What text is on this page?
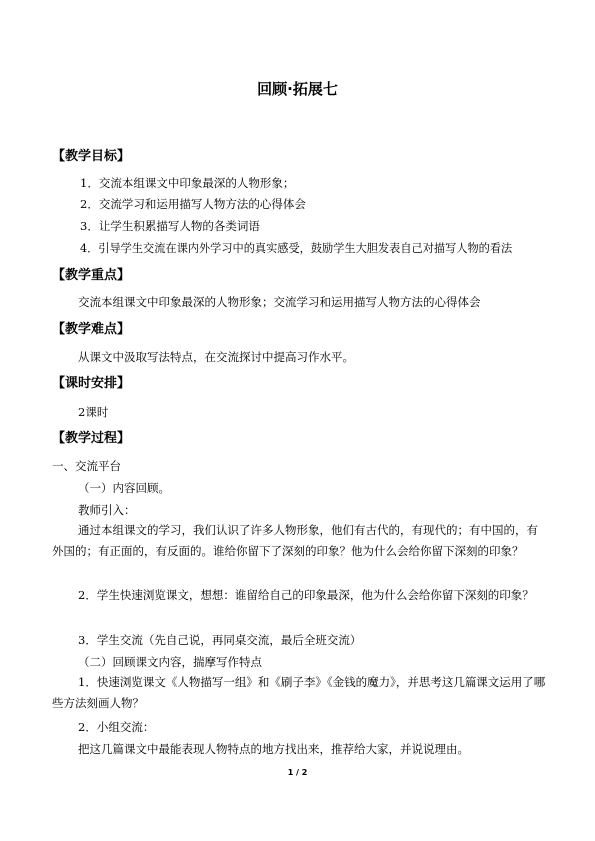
回顾·拓展七
【教学目标】
1．交流本组课文中印象最深的人物形象；
2．交流学习和运用描写人物方法的心得体会
3．让学生积累描写人物的各类词语
4．引导学生交流在课内外学习中的真实感受，鼓励学生大胆发表自己对描写人物的看法
【教学重点】
交流本组课文中印象最深的人物形象；交流学习和运用描写人物方法的心得体会
【教学难点】
从课文中汲取写法特点，在交流探讨中提高习作水平。
【课时安排】
2课时
【教学过程】
一、交流平台
（一）内容回顾。
教师引入：
通过本组课文的学习，我们认识了许多人物形象，他们有古代的，有现代的；有中国的，有外国的；有正面的，有反面的。谁给你留下了深刻的印象？他为什么会给你留下深刻的印象？
2．学生快速浏览课文，想想：谁留给自己的印象最深，他为什么会给你留下深刻的印象？
3．学生交流（先自己说，再同桌交流，最后全班交流）
（二）回顾课文内容，揣摩写作特点
1．快速浏览课文《人物描写一组》和《刷子李》《金钱的魔力》，并思考这几篇课文运用了哪些方法刻画人物？
2．小组交流：
把这几篇课文中最能表现人物特点的地方找出来，推荐给大家，并说说理由。
1 / 2
